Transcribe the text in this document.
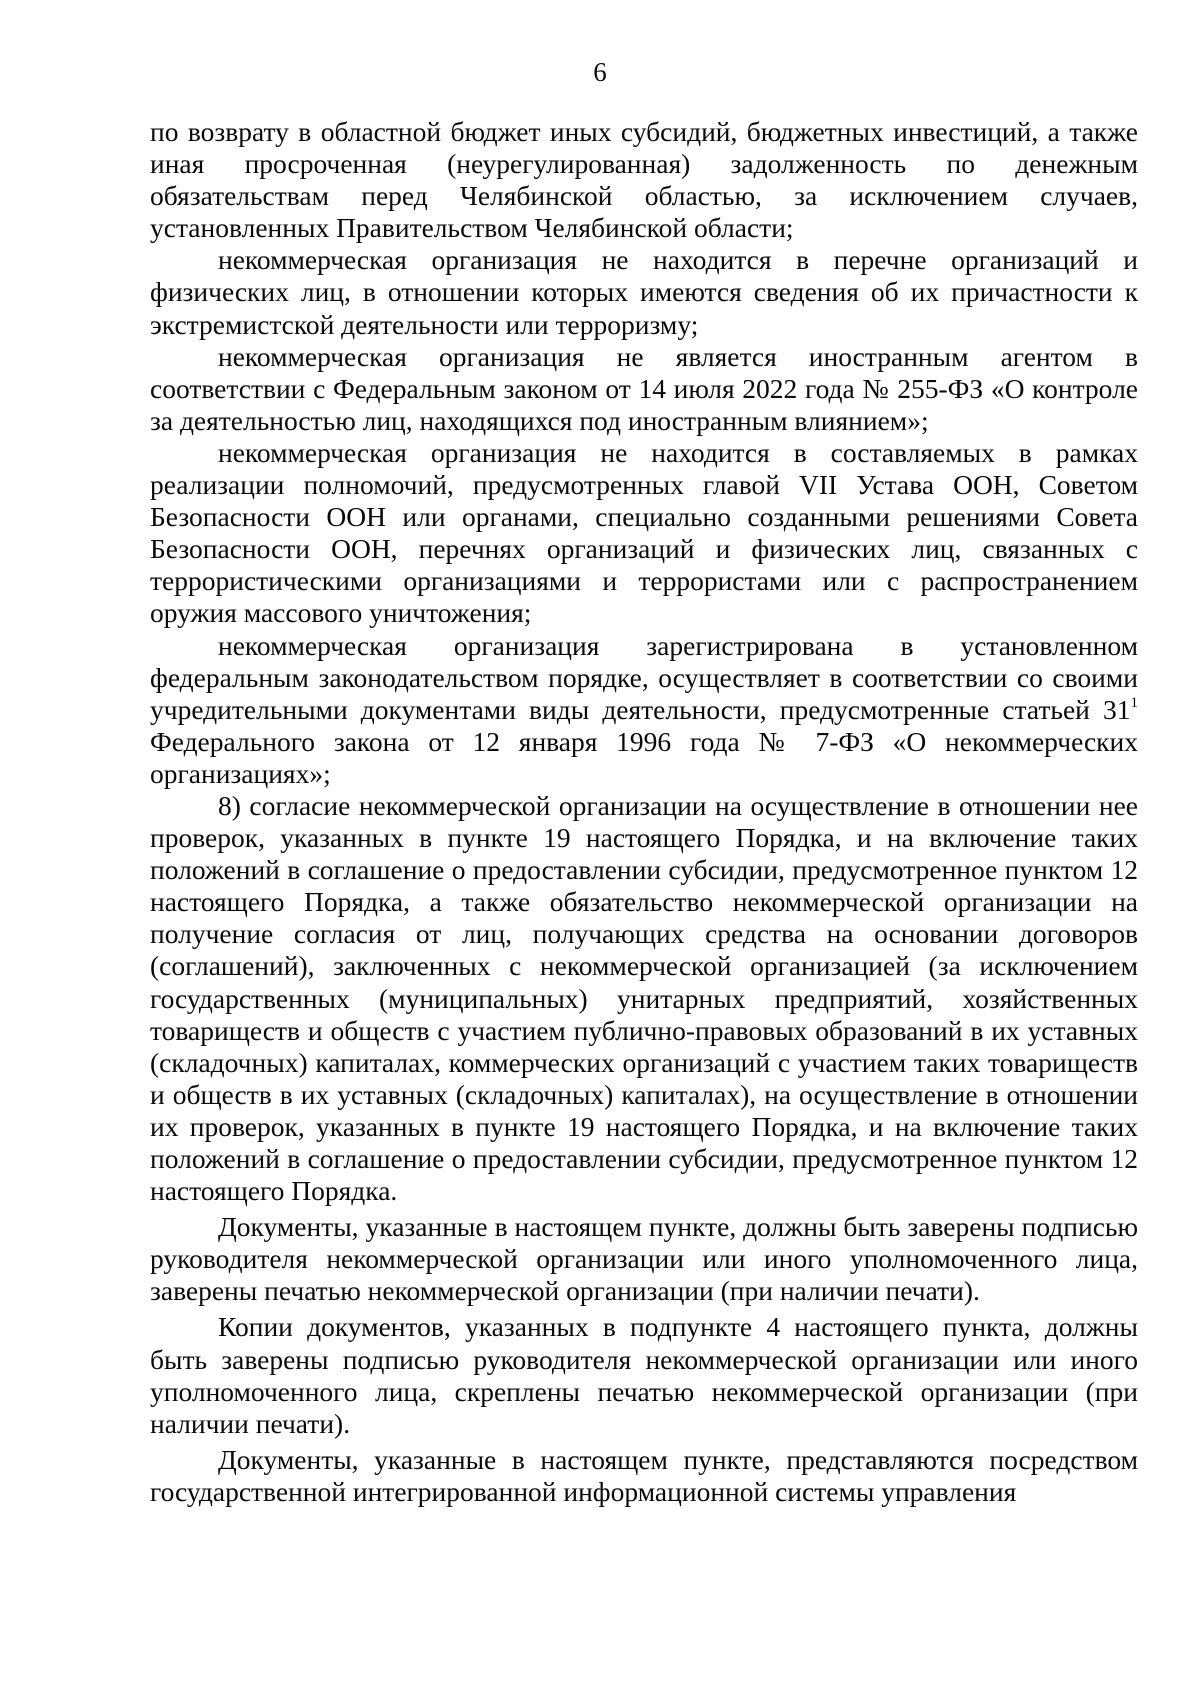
6

по возврату в областной бюджет иных субсидий, бюджетных инвестиций, а также иная просроченная (неурегулированная) задолженность по денежным обязательствам перед Челябинской областью, за исключением случаев, установленных Правительством Челябинской области;

некоммерческая организация не находится в перечне организаций и физических лиц, в отношении которых имеются сведения об их причастности к экстремистской деятельности или терроризму;

некоммерческая организация не является иностранным агентом в соответствии с Федеральным законом от 14 июля 2022 года № 255-ФЗ «О контроле за деятельностью лиц, находящихся под иностранным влиянием»;

некоммерческая организация не находится в составляемых в рамках реализации полномочий, предусмотренных главой VII Устава ООН, Советом Безопасности ООН или органами, специально созданными решениями Совета Безопасности ООН, перечнях организаций и физических лиц, связанных с террористическими организациями и террористами или с распространением оружия массового уничтожения;

некоммерческая организация зарегистрирована в установленном федеральным законодательством порядке, осуществляет в соответствии со своими учредительными документами виды деятельности, предусмотренные статьей $31^1$ Федерального закона от 12 января 1996 года № 7-ФЗ «О некоммерческих организациях»;

8) согласие некоммерческой организации на осуществление в отношении нее проверок, указанных в пункте 19 настоящего Порядка, и на включение таких положений в соглашение о предоставлении субсидии, предусмотренное пунктом 12 настоящего Порядка, а также обязательство некоммерческой организации на получение согласия от лиц, получающих средства на основании договоров (соглашений), заключенных с некоммерческой организацией (за исключением государственных (муниципальных) унитарных предприятий, хозяйственных товариществ и обществ с участием публично-правовых образований в их уставных (складочных) капиталах, коммерческих организаций с участием таких товариществ и обществ в их уставных (складочных) капиталах), на осуществление в отношении их проверок, указанных в пункте 19 настоящего Порядка, и на включение таких положений в соглашение о предоставлении субсидии, предусмотренное пунктом 12 настоящего Порядка.

Документы, указанные в настоящем пункте, должны быть заверены подписью руководителя некоммерческой организации или иного уполномоченного лица, заверены печатью некоммерческой организации (при наличии печати).

Копии документов, указанных в подпункте 4 настоящего пункта, должны быть заверены подписью руководителя некоммерческой организации или иного уполномоченного лица, скреплены печатью некоммерческой организации (при наличии печати).

Документы, указанные в настоящем пункте, представляются посредством государственной интегрированной информационной системы управления
